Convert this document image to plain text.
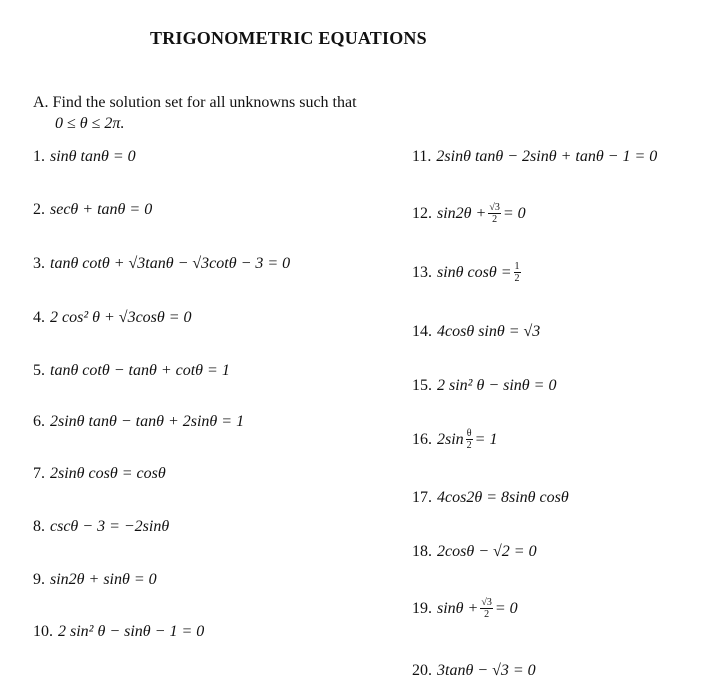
TRIGONOMETRIC EQUATIONS
A. Find the solution set for all unknowns such that
0 ≤ θ ≤ 2π.
1. sinθ tanθ = 0
2. secθ + tanθ = 0
3. tanθ cotθ + √3tanθ − √3cotθ − 3 = 0
4. 2 cos² θ + √3cosθ = 0
5. tanθ cotθ − tanθ + cotθ = 1
6. 2sinθ tanθ − tanθ + 2sinθ = 1
7. 2sinθ cosθ = cosθ
8. cscθ − 3 = −2sinθ
9. sin2θ + sinθ = 0
10. 2 sin² θ − sinθ − 1 = 0
11. 2sinθ tanθ − 2sinθ + tanθ − 1 = 0
12. $\sin 2\theta + \frac{√3}{2} = 0$
13. sinθ $\cos\theta = \frac{1}{2}$
14. 4cosθ sinθ = √3
15. 2 sin² θ − sinθ = 0
16. $2\sin \frac{\theta}{2} = 1$
17. 4cos2θ = 8sinθ cosθ
18. 2cosθ − √2 = 0
19. $\sin\theta + \frac{√3}{2} = 0$
20. 3tanθ − √3 = 0
